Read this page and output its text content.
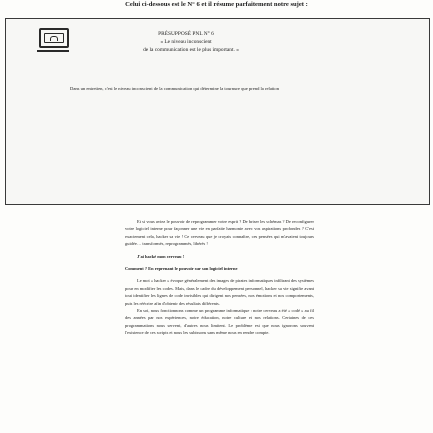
Celui ci-dessous est le N° 6 et il résume parfaitement notre sujet :
PRÉSUPPOSÉ PNL N° 6
« Le niveau inconscient
de la communication est le plus important. »
Dans un entretien, c'est le niveau inconscient de la communication qui détermine la tournure que prend la relation

Et si vous aviez le pouvoir de reprogrammer votre esprit ? De briser les schémas ? De reconfigurer votre logiciel interne pour façonner une vie en parfaite harmonie avec vos aspirations profondes ? C'est exactement cela, hacker sa vie ! Ce cerveau que je croyais connaître, ces pensées qui m'avaient toujours guidée… transformés, reprogrammés, libérés !

J'ai hacké mon cerveau !

Comment ? En reprenant le pouvoir sur son logiciel interne

Le mot « hacker » évoque généralement des images de pirates informatiques infiltrant des systèmes pour en modifier les codes. Mais, dans le cadre du développement personnel, hacker sa vie signifie avant tout identifier les lignes de code invisibles qui dirigent nos pensées, nos émotions et nos comportements, puis les réécrire afin d'obtenir des résultats différents.

En soi, nous fonctionnons comme un programme informatique : notre cerveau a été « codé » au fil des années par nos expériences, notre éducation, notre culture et nos relations. Certaines de ces programmations nous servent, d'autres nous limitent. Le problème est que nous ignorons souvent l'existence de ces scripts et nous les subissons sans même nous en rendre compte.
